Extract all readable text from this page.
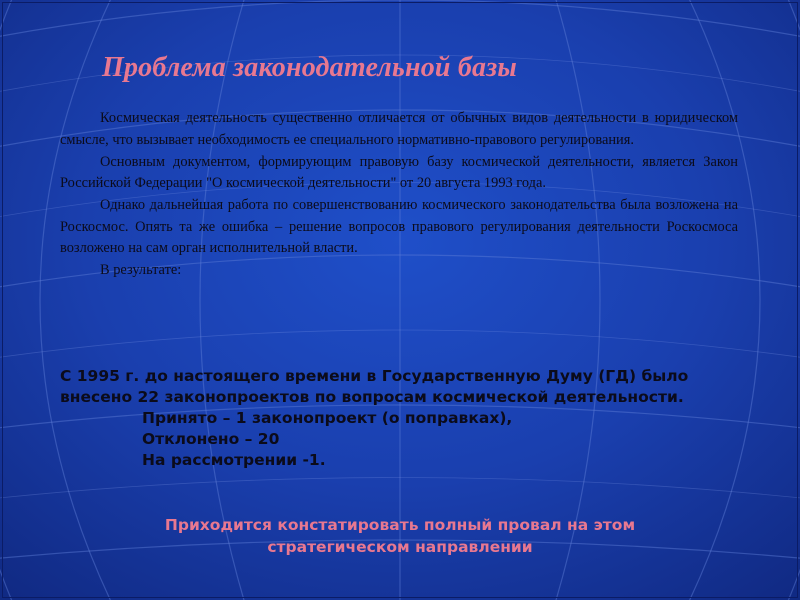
Проблема законодательной базы

Космическая деятельность существенно отличается от обычных видов деятельности в юридическом смысле, что вызывает необходимость ее специального нормативно-правового регулирования.

Основным документом, формирующим правовую базу космической деятельности, является Закон Российской Федерации "О космической деятельности" от 20 августа 1993 года.

Однако дальнейшая работа по совершенствованию космического законодательства была возложена на Роскосмос. Опять та же ошибка – решение вопросов правового регулирования деятельности Роскосмоса возложено на сам орган исполнительной власти.

В результате:

С 1995 г. до настоящего времени в Государственную Думу (ГД) было внесено 22 законопроектов по вопросам космической деятельности.

Принято – 1 законопроект (о поправках),

Отклонено – 20

На рассмотрении -1.

Приходится констатировать полный провал на этом стратегическом направлении
